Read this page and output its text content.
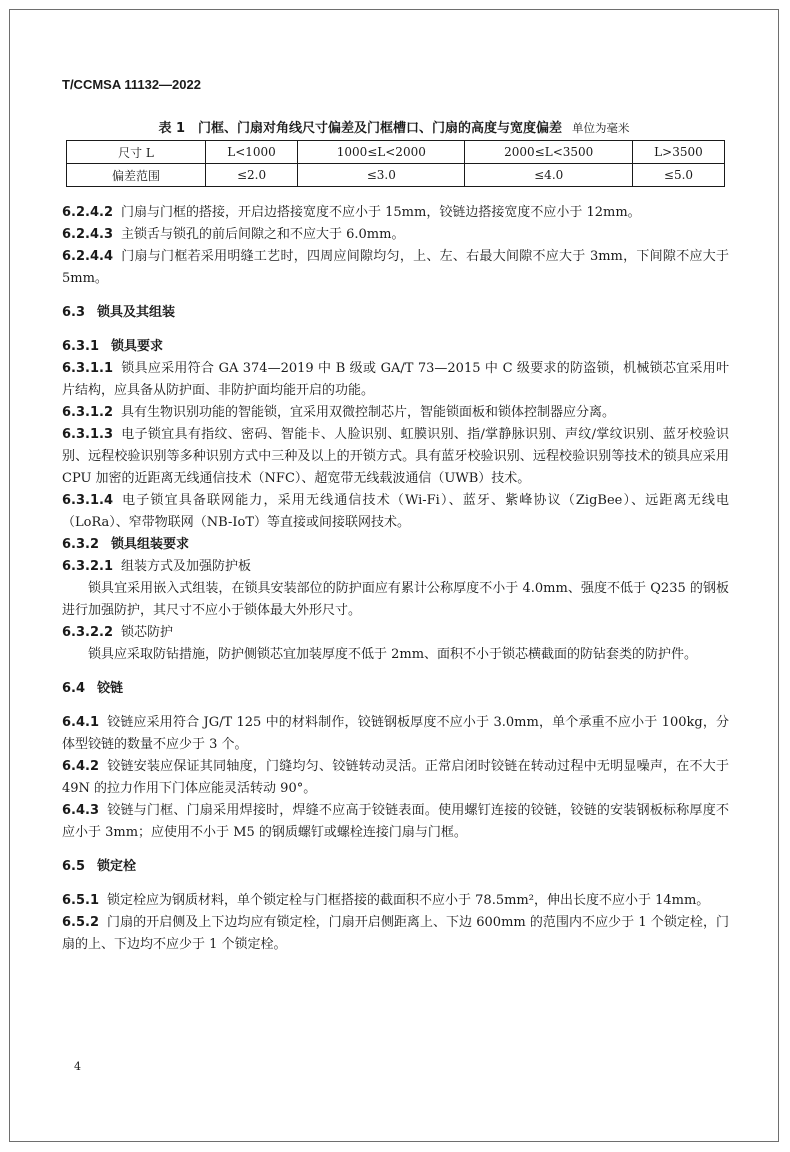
T/CCMSA 11132—2022
表 1　门框、门扇对角线尺寸偏差及门框槽口、门扇的高度与宽度偏差 单位为毫米
尺寸 L	L<1000	1000≤L<2000	2000≤L<3500	L>3500
偏差范围	≤2.0	≤3.0	≤4.0	≤5.0

6.2.4.2 门扇与门框的搭接，开启边搭接宽度不应小于 15mm，铰链边搭接宽度不应小于 12mm。

6.2.4.3 主锁舌与锁孔的前后间隙之和不应大于 6.0mm。

6.2.4.4 门扇与门框若采用明缝工艺时，四周应间隙均匀，上、左、右最大间隙不应大于 3mm，下间隙不应大于 5mm。

6.3 锁具及其组装

6.3.1 锁具要求

6.3.1.1 锁具应采用符合 GA 374—2019 中 B 级或 GA/T 73—2015 中 C 级要求的防盗锁，机械锁芯宜采用叶片结构，应具备从防护面、非防护面均能开启的功能。

6.3.1.2 具有生物识别功能的智能锁，宜采用双微控制芯片，智能锁面板和锁体控制器应分离。

6.3.1.3 电子锁宜具有指纹、密码、智能卡、人脸识别、虹膜识别、指/掌静脉识别、声纹/掌纹识别、蓝牙校验识别、远程校验识别等多种识别方式中三种及以上的开锁方式。具有蓝牙校验识别、远程校验识别等技术的锁具应采用 CPU 加密的近距离无线通信技术（NFC）、超宽带无线载波通信（UWB）技术。

6.3.1.4 电子锁宜具备联网能力，采用无线通信技术（Wi-Fi）、蓝牙、紫峰协议（ZigBee）、远距离无线电（LoRa）、窄带物联网（NB-IoT）等直接或间接联网技术。

6.3.2 锁具组装要求

6.3.2.1 组装方式及加强防护板

锁具宜采用嵌入式组装，在锁具安装部位的防护面应有累计公称厚度不小于 4.0mm、强度不低于 Q235 的钢板进行加强防护，其尺寸不应小于锁体最大外形尺寸。

6.3.2.2 锁芯防护

锁具应采取防钻措施，防护侧锁芯宜加装厚度不低于 2mm、面积不小于锁芯横截面的防钻套类的防护件。

6.4 铰链

6.4.1 铰链应采用符合 JG/T 125 中的材料制作，铰链钢板厚度不应小于 3.0mm，单个承重不应小于 100kg，分体型铰链的数量不应少于 3 个。

6.4.2 铰链安装应保证其同轴度，门缝均匀、铰链转动灵活。正常启闭时铰链在转动过程中无明显噪声，在不大于 49N 的拉力作用下门体应能灵活转动 90°。

6.4.3 铰链与门框、门扇采用焊接时，焊缝不应高于铰链表面。使用螺钉连接的铰链，铰链的安装钢板标称厚度不应小于 3mm；应使用不小于 M5 的钢质螺钉或螺栓连接门扇与门框。

6.5 锁定栓

6.5.1 锁定栓应为钢质材料，单个锁定栓与门框搭接的截面积不应小于 78.5mm²，伸出长度不应小于 14mm。

6.5.2 门扇的开启侧及上下边均应有锁定栓，门扇开启侧距离上、下边 600mm 的范围内不应少于 1 个锁定栓，门扇的上、下边均不应少于 1 个锁定栓。

4
